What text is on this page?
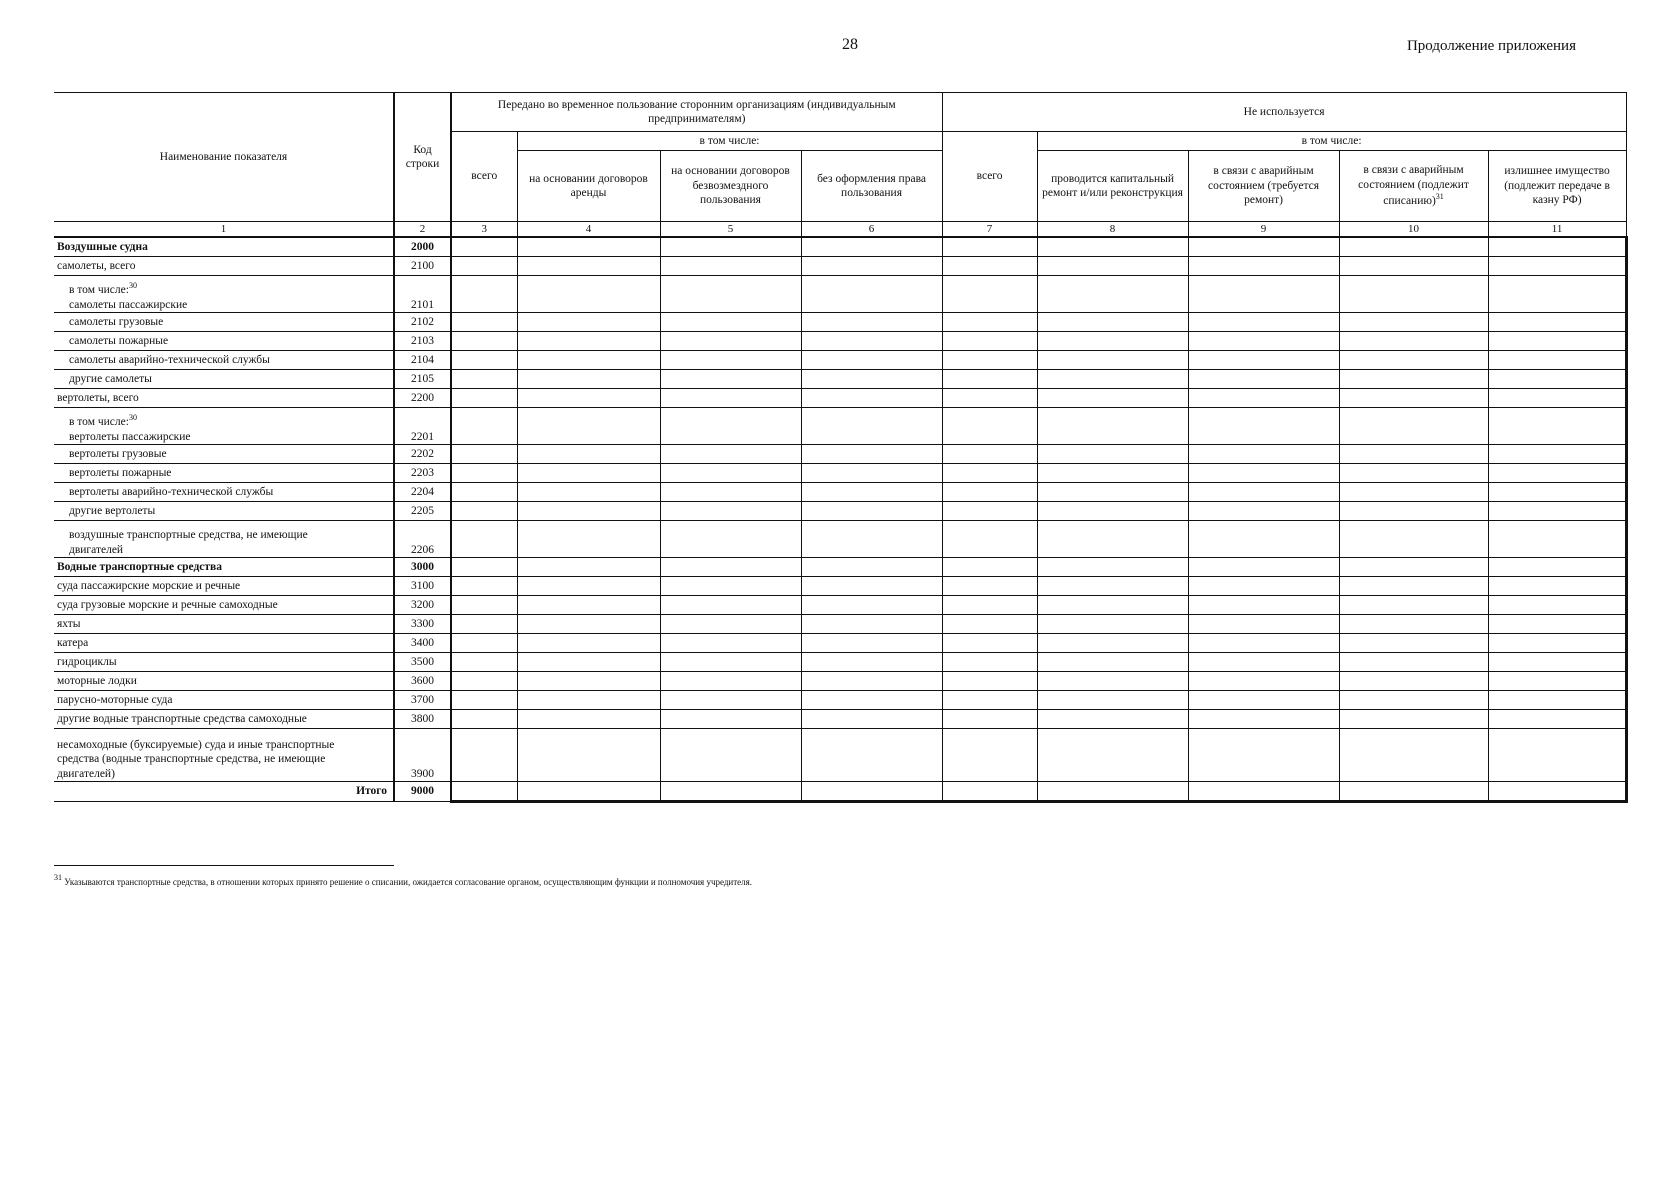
28	Продолжение приложения
Наименование показателя	Код строки	Передано во временное пользование сторонним организациям (индивидуальным предпринимателям)				Не используется				
		всего	в том числе:			всего	в том числе:			
			на основании договоров аренды	на основании договоров безвозмездного пользования	без оформления права пользования		проводится капитальный ремонт и/или реконструкция	в связи с аварийным состоянием (требуется ремонт)	в связи с аварийным состоянием (подлежит списанию)$^{31}$	излишнее имущество (подлежит передаче в казну РФ)
1	2	3	4	5	6	7	8	9	10	11
Воздушные судна	2000									
самолеты, всего	2100									

в том числе:$^{30}$
самолеты пассажирские	2101									
самолеты грузовые	2102									
самолеты пожарные	2103									
самолеты аварийно-технической службы	2104									
другие самолеты	2105									
вертолеты, всего	2200									

в том числе:$^{30}$
вертолеты пассажирские	2201									
вертолеты грузовые	2202									
вертолеты пожарные	2203									
вертолеты аварийно-технической службы	2204									
другие вертолеты	2205									

воздушные транспортные средства, не имеющие
двигателей	2206									
Водные транспортные средства	3000									
суда пассажирские морские и речные	3100									
суда грузовые морские и речные самоходные	3200									
яхты	3300									
катера	3400									
гидроциклы	3500									
моторные лодки	3600									
парусно-моторные суда	3700									
другие водные транспортные средства самоходные	3800									

несамоходные (буксируемые) суда и иные транспортные
средства (водные транспортные средства, не имеющие
двигателей)	3900									
Итого	9000									
31 Указываются транспортные средства, в отношении которых принято решение о списании, ожидается согласование органом, осуществляющим функции и полномочия учредителя.
